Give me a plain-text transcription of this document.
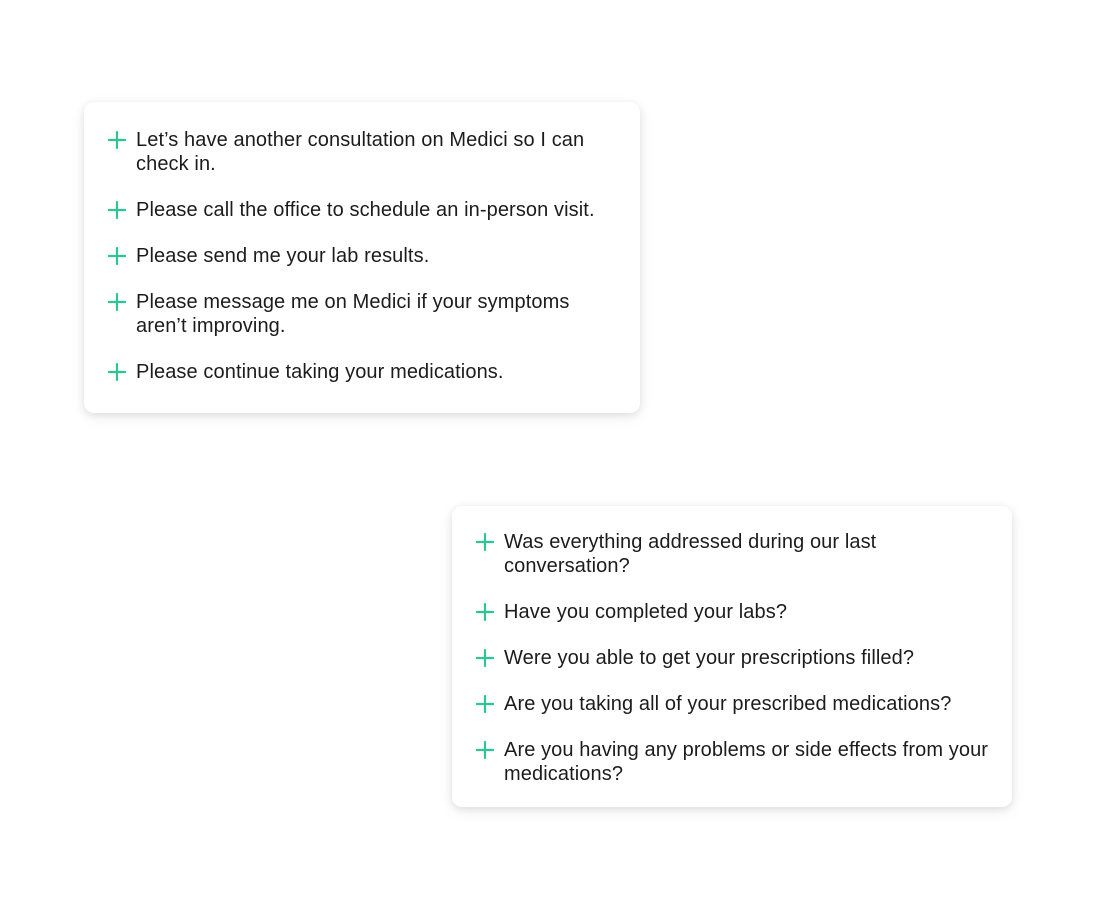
Let’s have another consultation on Medici so I can check in.
Please call the office to schedule an in-person visit.
Please send me your lab results.
Please message me on Medici if your symptoms aren’t improving.
Please continue taking your medications.
Was everything addressed during our last conversation?
Have you completed your labs?
Were you able to get your prescriptions filled?
Are you taking all of your prescribed medications?
Are you having any problems or side effects from your medications?
